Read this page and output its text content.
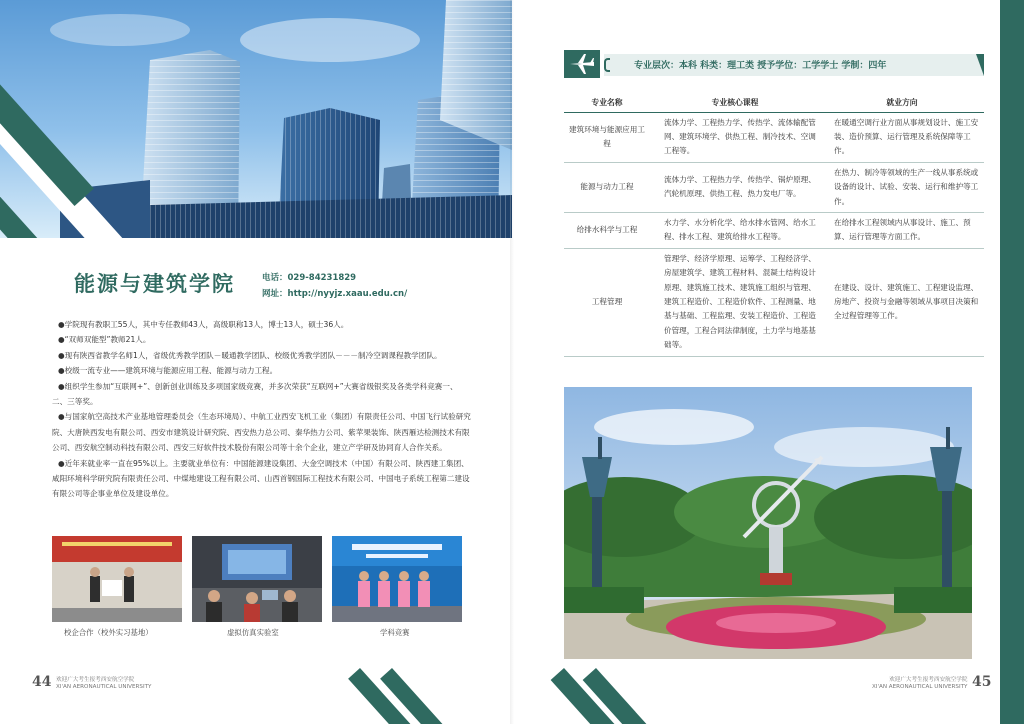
能源与建筑学院	电话：029-84231829
网址：http://nyyjz.xaau.edu.cn/

●学院现有教职工55人，其中专任教师43人，高级职称13人，博士13人，硕士36人。

●“双师双能型”教师21人。

●现有陕西省教学名师1人，省级优秀教学团队－暖通教学团队、校级优秀教学团队－－－制冷空调课程教学团队。

●校级一流专业——建筑环境与能源应用工程、能源与动力工程。

●组织学生参加“互联网+”、创新创业训练及多项国家级竞赛，并多次荣获“互联网+”大赛省级银奖及各类学科竞赛一、二、三等奖。

●与国家航空高技术产业基地管理委员会（生态环境局）、中航工业西安飞机工业（集团）有限责任公司、中国飞行试验研究院、大唐陕西发电有限公司、西安市建筑设计研究院、西安热力总公司、秦华热力公司、紫苹果装饰、陕西雁达检测技术有限公司、西安航空制动科技有限公司、西安三好软件技术股份有限公司等十余个企业，建立产学研及协同育人合作关系。

●近年来就业率一直在95%以上。主要就业单位有：中国能源建设集团、大金空调技术（中国）有限公司、陕西建工集团、咸阳环境科学研究院有限责任公司、中煤地建设工程有限公司、山西首钢国际工程技术有限公司、中国电子系统工程第二建设有限公司等企事业单位及建设单位。

校企合作（校外实习基地）	虚拟仿真实验室	学科竞赛
44 欢迎广大考生报考西安航空学院
XI'AN AERONAUTICAL UNIVERSITY
专业层次：本科 科类：理工类 授予学位：工学学士 学制：四年
专业名称	专业核心课程	就业方向
建筑环境与能源应用工程	流体力学、工程热力学、传热学、流体输配管网、建筑环境学、供热工程、制冷技术、空调工程等。	在暖通空调行业方面从事规划设计、施工安装、造价预算、运行管理及系统保障等工作。
能源与动力工程	流体力学、工程热力学、传热学、锅炉原理、汽轮机原理、供热工程、热力发电厂等。	在热力、制冷等领域的生产一线从事系统或设备的设计、试验、安装、运行和维护等工作。
给排水科学与工程	水力学、水分析化学、给水排水管网、给水工程、排水工程、建筑给排水工程等。	在给排水工程领域内从事设计、施工、预算、运行管理等方面工作。
工程管理	管理学、经济学原理、运筹学、工程经济学、房屋建筑学、建筑工程材料、混凝土结构设计原理、建筑施工技术、建筑施工组织与管理、建筑工程造价、工程造价软件、工程测量、地基与基础、工程监理、安装工程造价、工程造价管理，工程合同法律制度，土力学与地基基础等。	在建设、设计、建筑施工、工程建设监理、房地产、投资与金融等领域从事项目决策和全过程管理等工作。
欢迎广大考生报考西安航空学院
XI'AN AERONAUTICAL UNIVERSITY 45
